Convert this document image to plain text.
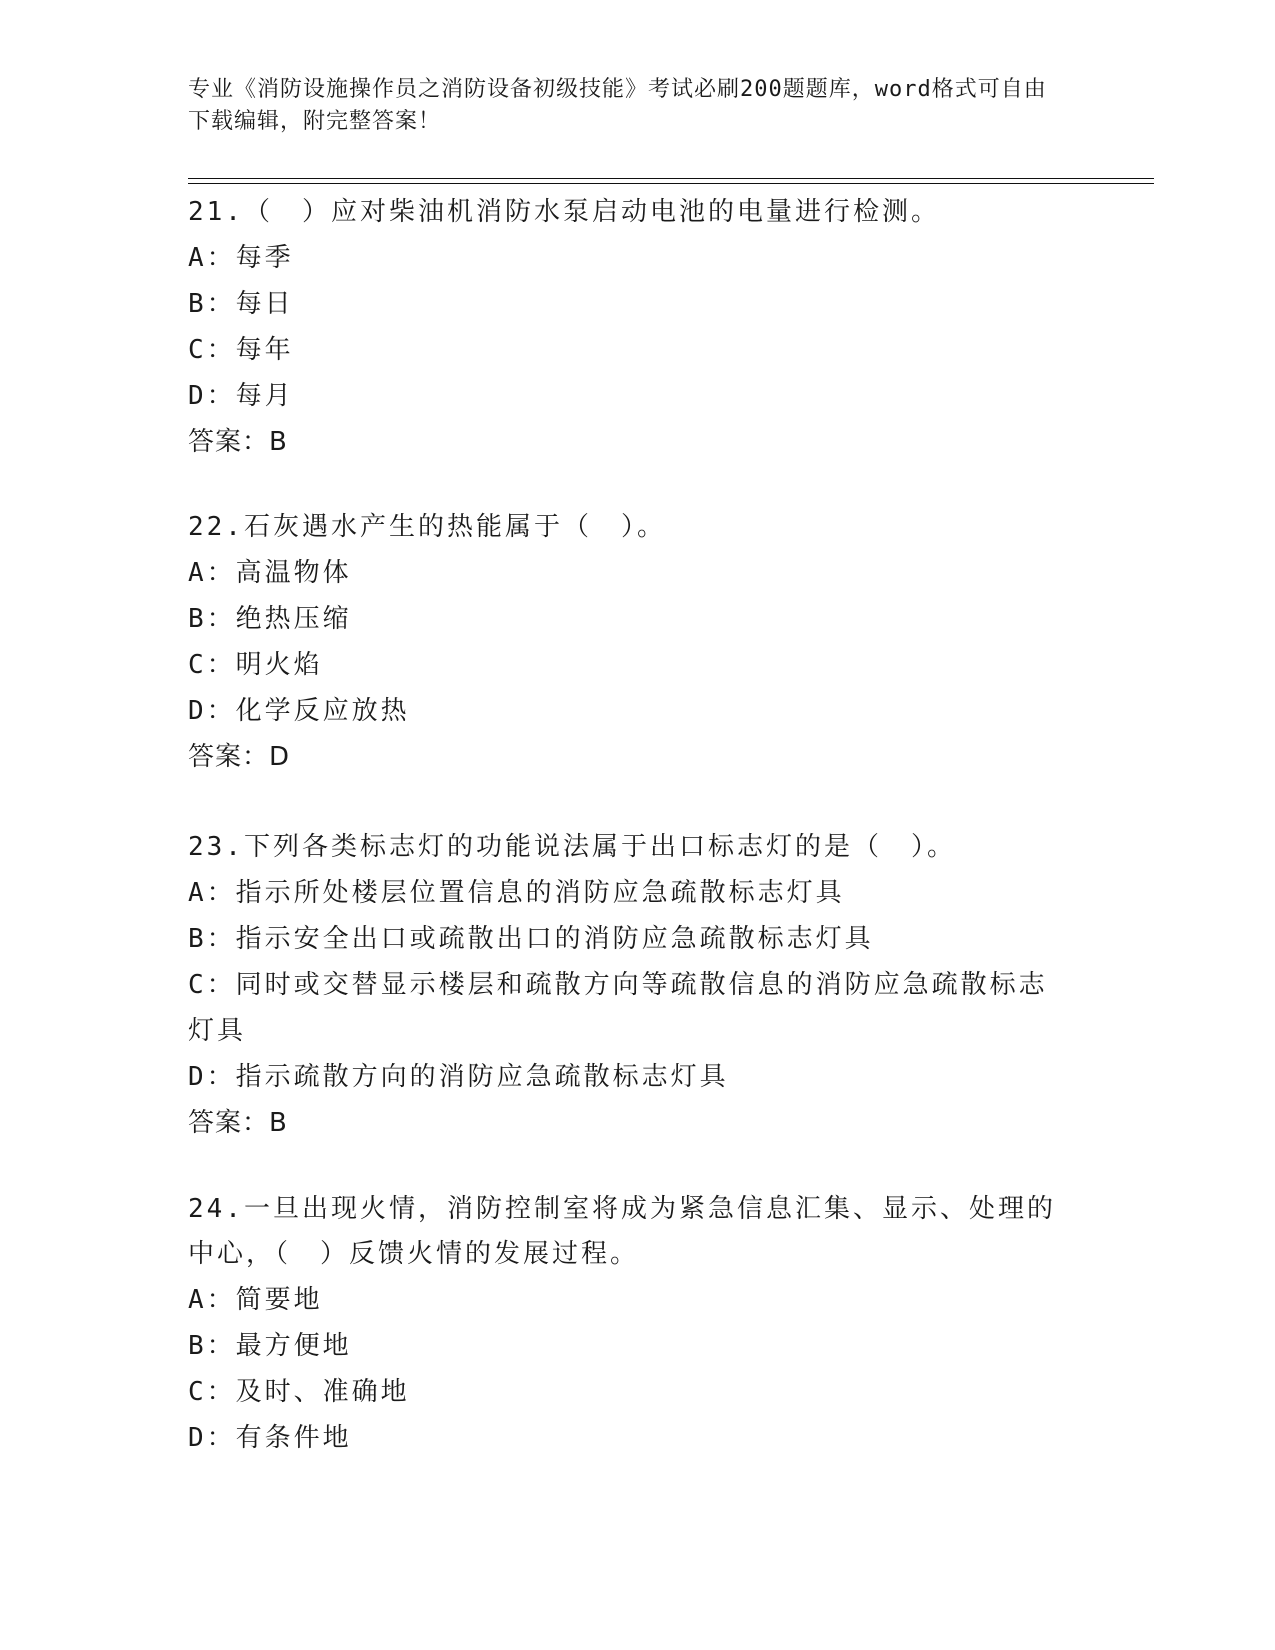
专业《消防设施操作员之消防设备初级技能》考试必刷200题题库，word格式可自由下载编辑，附完整答案！
21.（　）应对柴油机消防水泵启动电池的电量进行检测。
A：每季
B：每日
C：每年
D：每月
答案：B
22.石灰遇水产生的热能属于（　）。
A：高温物体
B：绝热压缩
C：明火焰
D：化学反应放热
答案：D
23.下列各类标志灯的功能说法属于出口标志灯的是（　）。
A：指示所处楼层位置信息的消防应急疏散标志灯具
B：指示安全出口或疏散出口的消防应急疏散标志灯具
C：同时或交替显示楼层和疏散方向等疏散信息的消防应急疏散标志灯具
D：指示疏散方向的消防应急疏散标志灯具
答案：B
24.一旦出现火情，消防控制室将成为紧急信息汇集、显示、处理的中心，（　）反馈火情的发展过程。
A：简要地
B：最方便地
C：及时、准确地
D：有条件地
